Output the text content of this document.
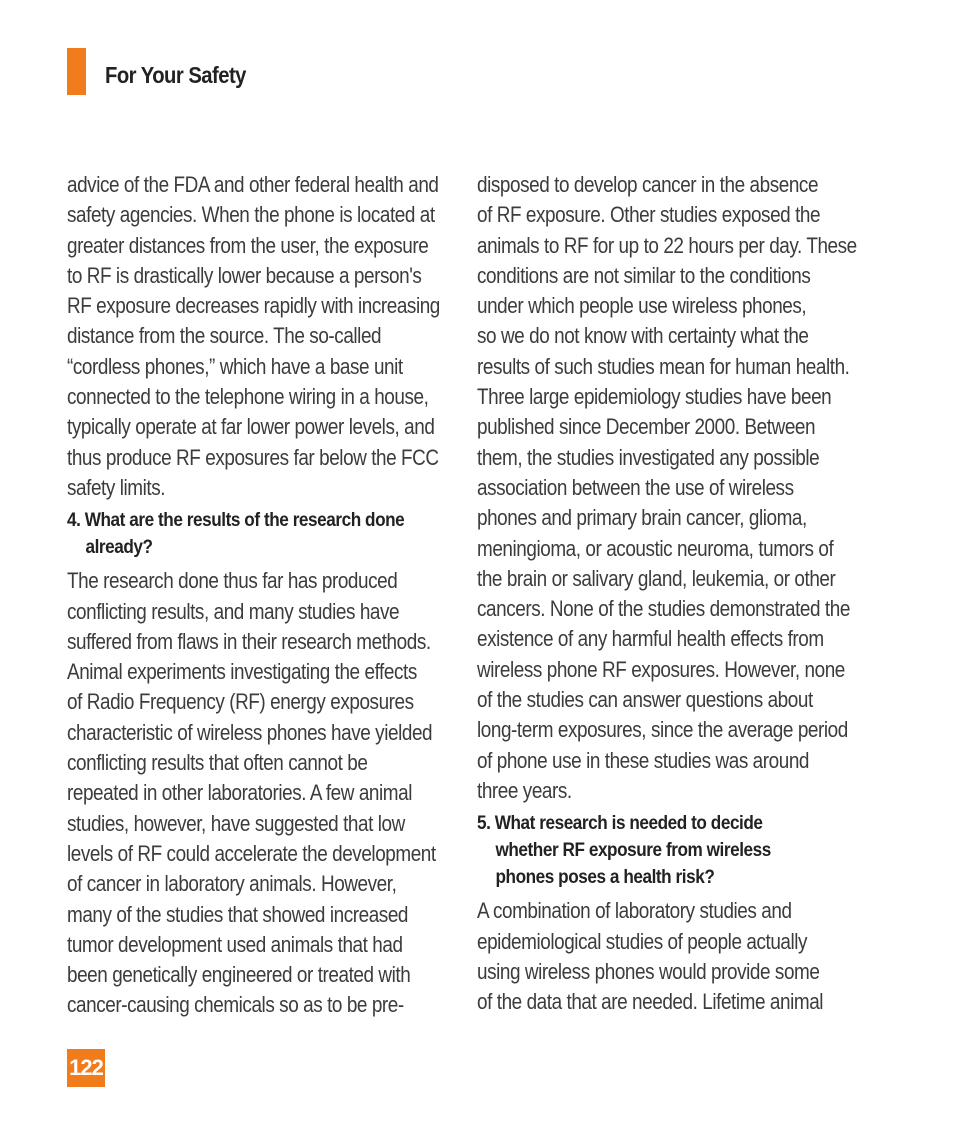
For Your Safety
advice of the FDA and other federal health and
safety agencies. When the phone is located at
greater distances from the user, the exposure
to RF is drastically lower because a person's
RF exposure decreases rapidly with increasing
distance from the source. The so-called
“cordless phones,” which have a base unit
connected to the telephone wiring in a house,
typically operate at far lower power levels, and
thus produce RF exposures far below the FCC
safety limits.
4. What are the results of the research done
already?
The research done thus far has produced
conflicting results, and many studies have
suffered from flaws in their research methods.
Animal experiments investigating the effects
of Radio Frequency (RF) energy exposures
characteristic of wireless phones have yielded
conflicting results that often cannot be
repeated in other laboratories. A few animal
studies, however, have suggested that low
levels of RF could accelerate the development
of cancer in laboratory animals. However,
many of the studies that showed increased
tumor development used animals that had
been genetically engineered or treated with
cancer-causing chemicals so as to be pre-
disposed to develop cancer in the absence
of RF exposure. Other studies exposed the
animals to RF for up to 22 hours per day. These
conditions are not similar to the conditions
under which people use wireless phones,
so we do not know with certainty what the
results of such studies mean for human health.
Three large epidemiology studies have been
published since December 2000. Between
them, the studies investigated any possible
association between the use of wireless
phones and primary brain cancer, glioma,
meningioma, or acoustic neuroma, tumors of
the brain or salivary gland, leukemia, or other
cancers. None of the studies demonstrated the
existence of any harmful health effects from
wireless phone RF exposures. However, none
of the studies can answer questions about
long-term exposures, since the average period
of phone use in these studies was around
three years.
5. What research is needed to decide
whether RF exposure from wireless
phones poses a health risk?
A combination of laboratory studies and
epidemiological studies of people actually
using wireless phones would provide some
of the data that are needed. Lifetime animal
122
